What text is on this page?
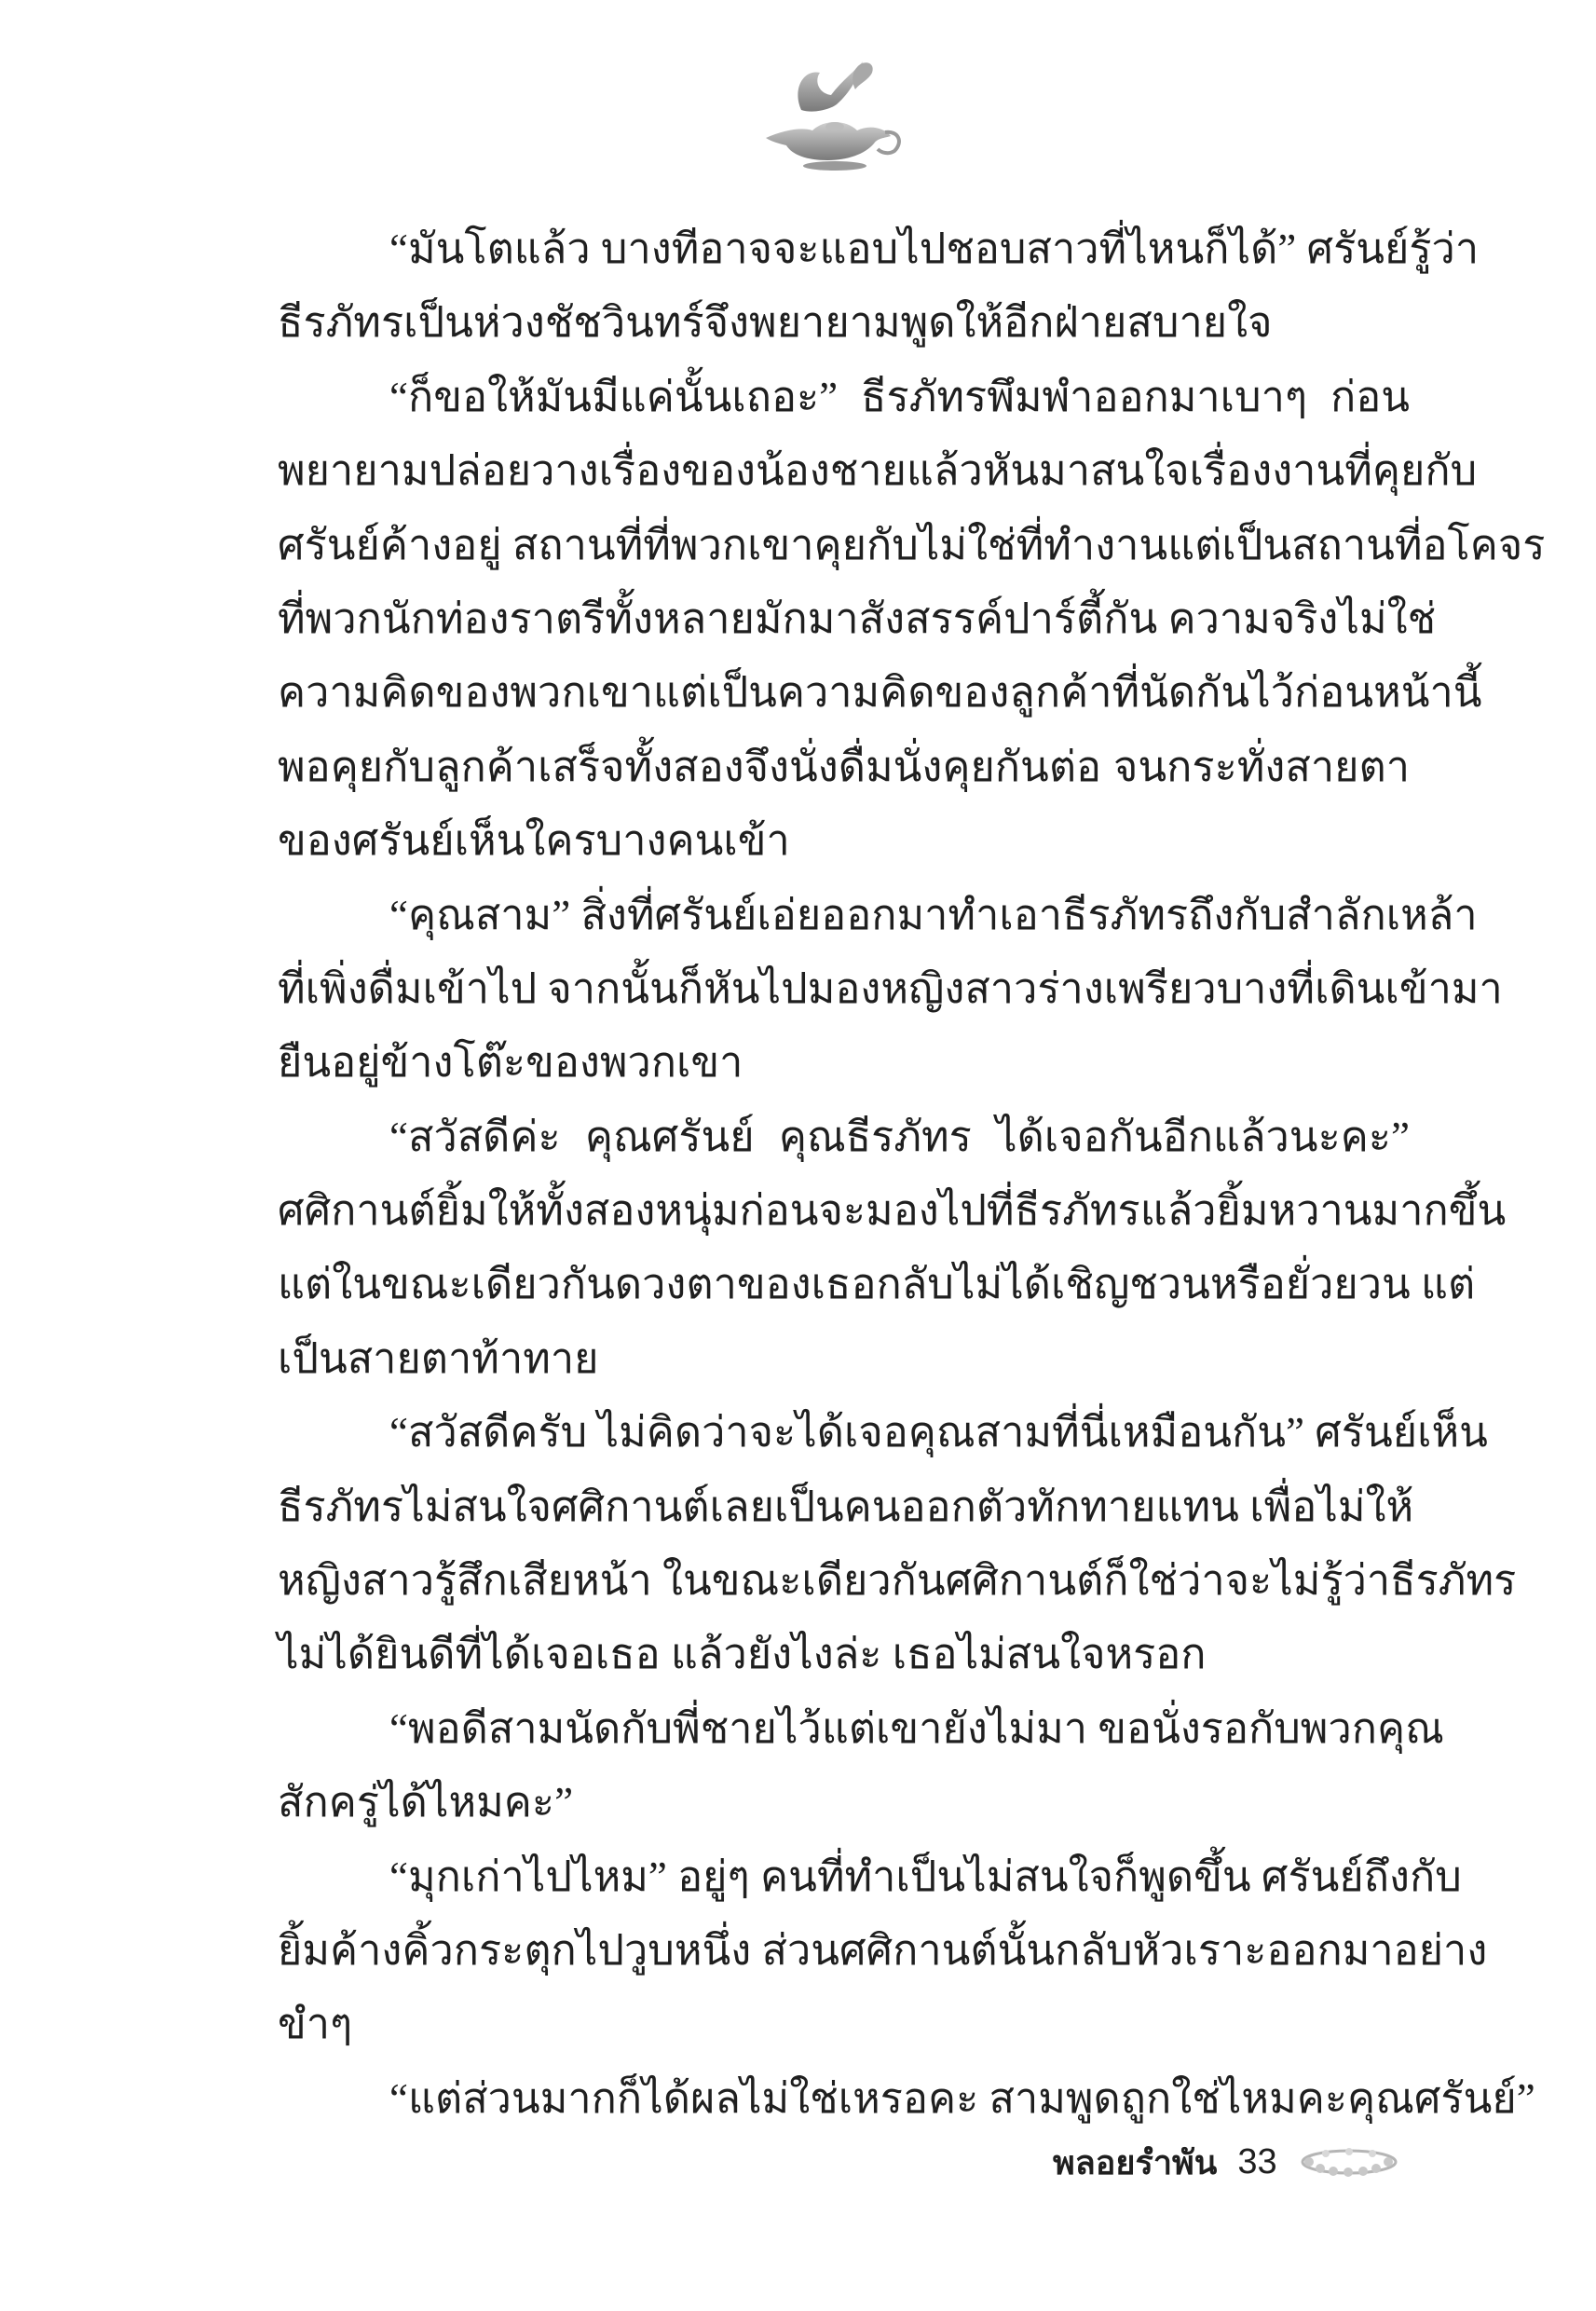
“มันโตแล้ว บางทีอาจจะแอบไปชอบสาวที่ไหนก็ได้” ศรันย์รู้ว่า
ธีรภัทรเป็นห่วงชัชวินทร์จึงพยายามพูดให้อีกฝ่ายสบายใจ
“ก็ขอให้มันมีแค่นั้นเถอะ” ธีรภัทรพึมพำออกมาเบาๆ ก่อน
พยายามปล่อยวางเรื่องของน้องชายแล้วหันมาสนใจเรื่องงานที่คุยกับ
ศรันย์ค้างอยู่ สถานที่ที่พวกเขาคุยกับไม่ใช่ที่ทำงานแต่เป็นสถานที่อโคจร
ที่พวกนักท่องราตรีทั้งหลายมักมาสังสรรค์ปาร์ตี้กัน ความจริงไม่ใช่
ความคิดของพวกเขาแต่เป็นความคิดของลูกค้าที่นัดกันไว้ก่อนหน้านี้
พอคุยกับลูกค้าเสร็จทั้งสองจึงนั่งดื่มนั่งคุยกันต่อ จนกระทั่งสายตา
ของศรันย์เห็นใครบางคนเข้า
“คุณสาม” สิ่งที่ศรันย์เอ่ยออกมาทำเอาธีรภัทรถึงกับสำลักเหล้า
ที่เพิ่งดื่มเข้าไป จากนั้นก็หันไปมองหญิงสาวร่างเพรียวบางที่เดินเข้ามา
ยืนอยู่ข้างโต๊ะของพวกเขา
“สวัสดีค่ะ คุณศรันย์ คุณธีรภัทร ได้เจอกันอีกแล้วนะคะ”
ศศิกานต์ยิ้มให้ทั้งสองหนุ่มก่อนจะมองไปที่ธีรภัทรแล้วยิ้มหวานมากขึ้น
แต่ในขณะเดียวกันดวงตาของเธอกลับไม่ได้เชิญชวนหรือยั่วยวน แต่
เป็นสายตาท้าทาย
“สวัสดีครับ ไม่คิดว่าจะได้เจอคุณสามที่นี่เหมือนกัน” ศรันย์เห็น
ธีรภัทรไม่สนใจศศิกานต์เลยเป็นคนออกตัวทักทายแทน เพื่อไม่ให้
หญิงสาวรู้สึกเสียหน้า ในขณะเดียวกันศศิกานต์ก็ใช่ว่าจะไม่รู้ว่าธีรภัทร
ไม่ได้ยินดีที่ได้เจอเธอ แล้วยังไงล่ะ เธอไม่สนใจหรอก
“พอดีสามนัดกับพี่ชายไว้แต่เขายังไม่มา ขอนั่งรอกับพวกคุณ
สักครู่ได้ไหมคะ”
“มุกเก่าไปไหม” อยู่ๆ คนที่ทำเป็นไม่สนใจก็พูดขึ้น ศรันย์ถึงกับ
ยิ้มค้างคิ้วกระตุกไปวูบหนึ่ง ส่วนศศิกานต์นั้นกลับหัวเราะออกมาอย่าง
ขำๆ
“แต่ส่วนมากก็ได้ผลไม่ใช่เหรอคะ สามพูดถูกใช่ไหมคะคุณศรันย์”
พลอยรำพัน 33
